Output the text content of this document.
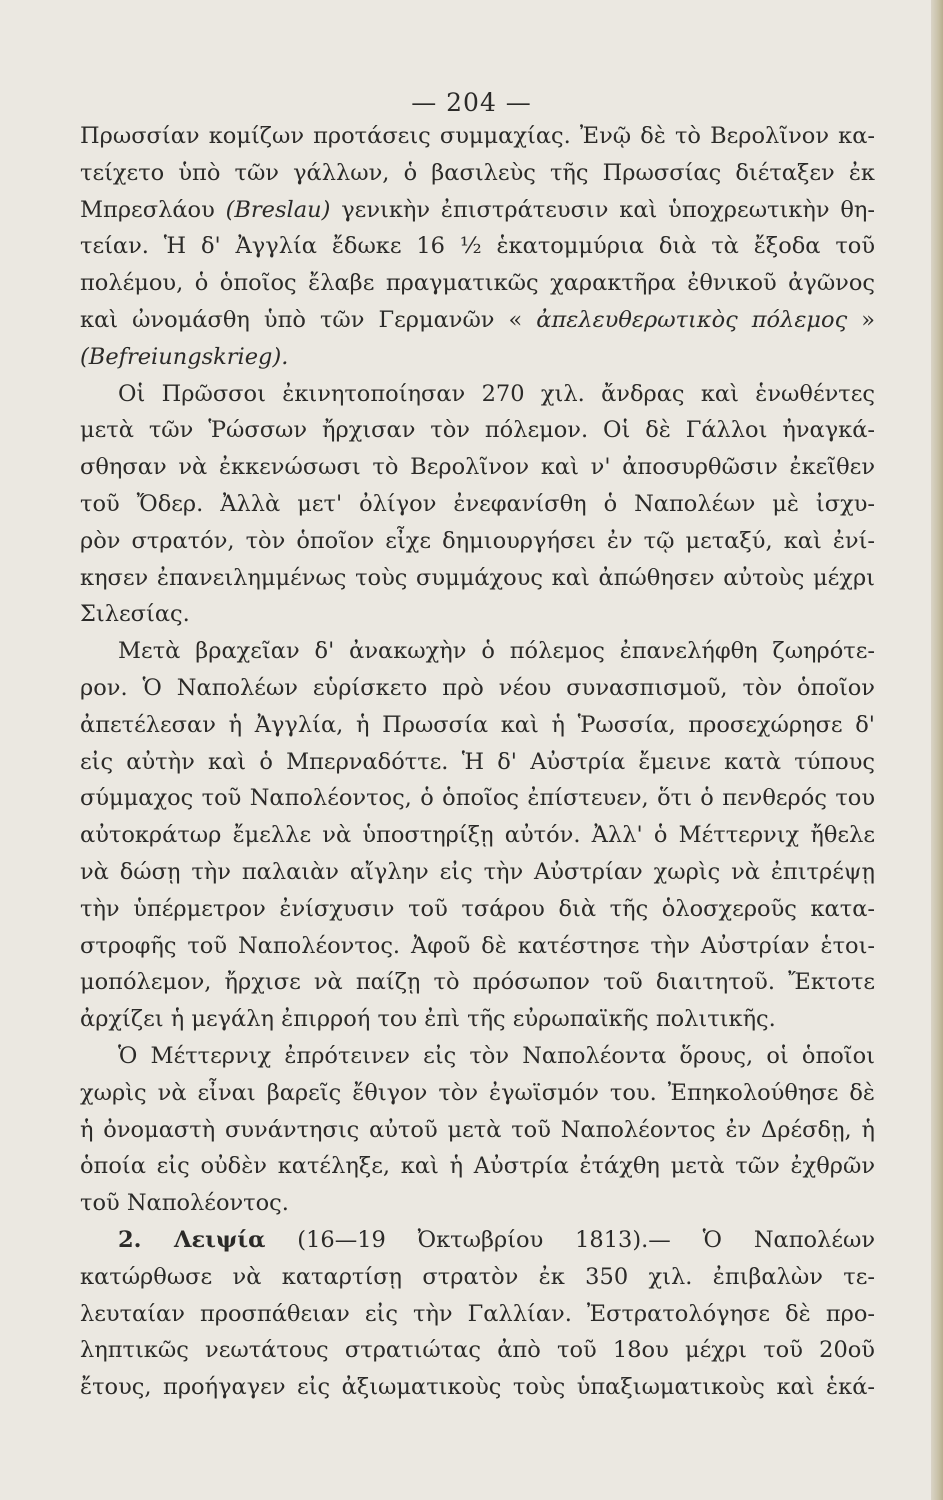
— 204 —
Πρωσσίαν κομίζων προτάσεις συμμαχίας. Ἐνῷ δὲ τὸ Βερολῖνον κα-
τείχετο ὑπὸ τῶν γάλλων, ὁ βασιλεὺς τῆς Πρωσσίας διέταξεν ἐκ
Μπρεσλάου (Breslau) γενικὴν ἐπιστράτευσιν καὶ ὑποχρεωτικὴν θη-
τείαν. Ἡ δ' Ἀγγλία ἔδωκε 16 ½ ἑκατομμύρια διὰ τὰ ἔξοδα τοῦ
πολέμου, ὁ ὁποῖος ἔλαβε πραγματικῶς χαρακτῆρα ἐθνικοῦ ἀγῶνος
καὶ ὠνομάσθη ὑπὸ τῶν Γερμανῶν « ἀπελευθερωτικὸς πόλεμος »
(Befreiungskrieg).
Οἱ Πρῶσσοι ἐκινητοποίησαν 270 χιλ. ἄνδρας καὶ ἑνωθέντες
μετὰ τῶν Ῥώσσων ἤρχισαν τὸν πόλεμον. Οἱ δὲ Γάλλοι ἠναγκά-
σθησαν νὰ ἐκκενώσωσι τὸ Βερολῖνον καὶ ν' ἀποσυρθῶσιν ἐκεῖθεν
τοῦ Ὄδερ. Ἀλλὰ μετ' ὀλίγον ἐνεφανίσθη ὁ Ναπολέων μὲ ἰσχυ-
ρὸν στρατόν, τὸν ὁποῖον εἶχε δημιουργήσει ἐν τῷ μεταξύ, καὶ ἐνί-
κησεν ἐπανειλημμένως τοὺς συμμάχους καὶ ἀπώθησεν αὐτοὺς μέχρι
Σιλεσίας.
Μετὰ βραχεῖαν δ' ἀνακωχὴν ὁ πόλεμος ἐπανελήφθη ζωηρότε-
ρον. Ὁ Ναπολέων εὑρίσκετο πρὸ νέου συνασπισμοῦ, τὸν ὁποῖον
ἀπετέλεσαν ἡ Ἀγγλία, ἡ Πρωσσία καὶ ἡ Ῥωσσία, προσεχώρησε δ'
εἰς αὐτὴν καὶ ὁ Μπερναδόττε. Ἡ δ' Αὐστρία ἔμεινε κατὰ τύπους
σύμμαχος τοῦ Ναπολέοντος, ὁ ὁποῖος ἐπίστευεν, ὅτι ὁ πενθερός του
αὐτοκράτωρ ἔμελλε νὰ ὑποστηρίξῃ αὐτόν. Ἀλλ' ὁ Μέττερνιχ ἤθελε
νὰ δώσῃ τὴν παλαιὰν αἴγλην εἰς τὴν Αὐστρίαν χωρὶς νὰ ἐπιτρέψῃ
τὴν ὑπέρμετρον ἐνίσχυσιν τοῦ τσάρου διὰ τῆς ὁλοσχεροῦς κατα-
στροφῆς τοῦ Ναπολέοντος. Ἀφοῦ δὲ κατέστησε τὴν Αὐστρίαν ἑτοι-
μοπόλεμον, ἤρχισε νὰ παίζῃ τὸ πρόσωπον τοῦ διαιτητοῦ. Ἔκτοτε
ἀρχίζει ἡ μεγάλη ἐπιρροή του ἐπὶ τῆς εὐρωπαϊκῆς πολιτικῆς.
Ὁ Μέττερνιχ ἐπρότεινεν εἰς τὸν Ναπολέοντα ὅρους, οἱ ὁποῖοι
χωρὶς νὰ εἶναι βαρεῖς ἔθιγον τὸν ἐγωϊσμόν του. Ἐπηκολούθησε δὲ
ἡ ὀνομαστὴ συνάντησις αὐτοῦ μετὰ τοῦ Ναπολέοντος ἐν Δρέσδῃ, ἡ
ὁποία εἰς οὐδὲν κατέληξε, καὶ ἡ Αὐστρία ἐτάχθη μετὰ τῶν ἐχθρῶν
τοῦ Ναπολέοντος.
2. Λειψία (16—19 Ὀκτωβρίου 1813).— Ὁ Ναπολέων
κατώρθωσε νὰ καταρτίσῃ στρατὸν ἐκ 350 χιλ. ἐπιβαλὼν τε-
λευταίαν προσπάθειαν εἰς τὴν Γαλλίαν. Ἐστρατολόγησε δὲ προ-
ληπτικῶς νεωτάτους στρατιώτας ἀπὸ τοῦ 18ου μέχρι τοῦ 20οῦ
ἔτους, προήγαγεν εἰς ἀξιωματικοὺς τοὺς ὑπαξιωματικοὺς καὶ ἑκά-
